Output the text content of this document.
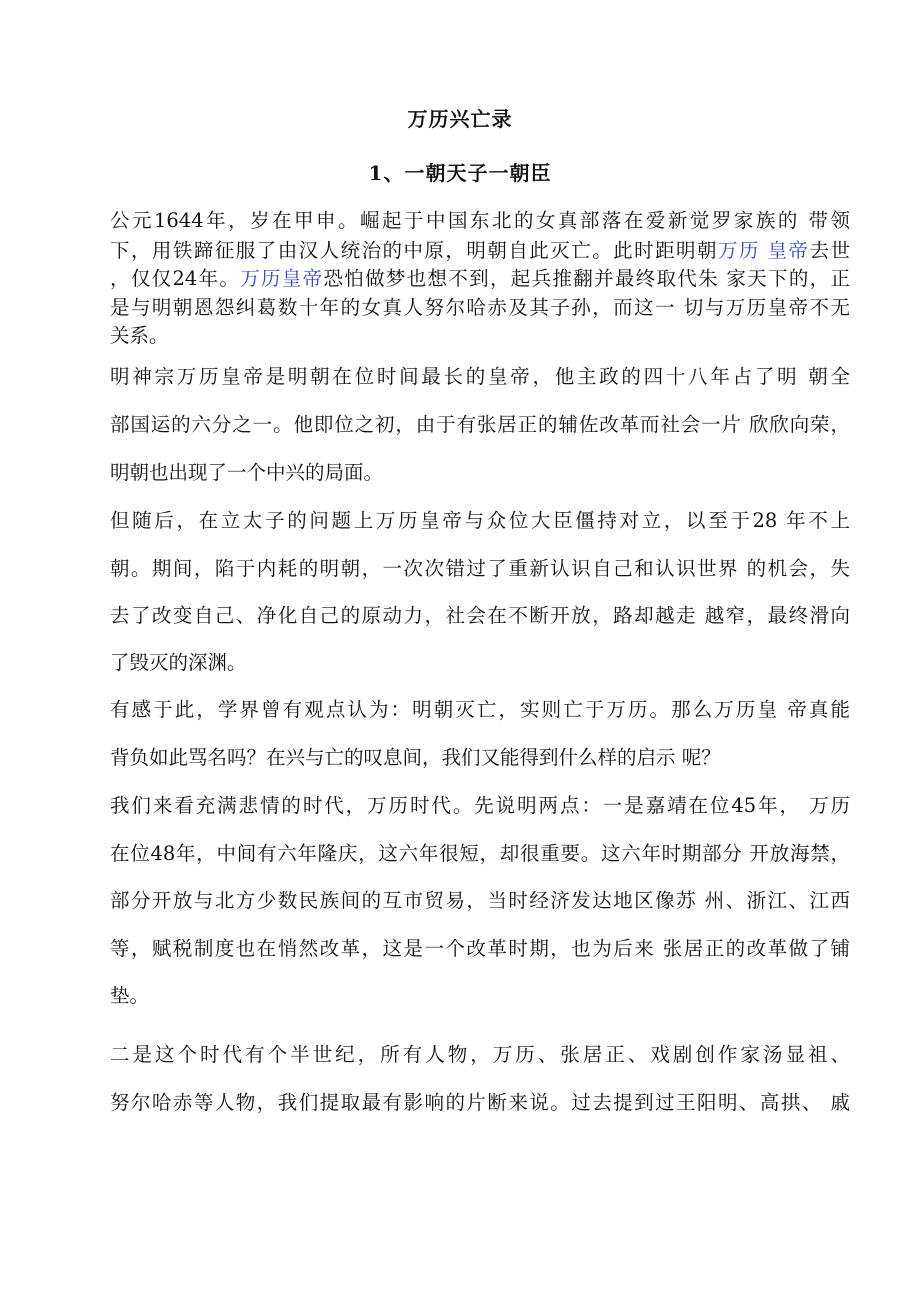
万历兴亡录
1、一朝天子一朝臣
公元1644年，岁在甲申。崛起于中国东北的女真部落在爱新觉罗家族的 带领
下，用铁蹄征服了由汉人统治的中原，明朝自此灭亡。此时距明朝万历 皇帝去世
，仅仅24年。万历皇帝恐怕做梦也想不到，起兵推翻并最终取代朱 家天下的，正
是与明朝恩怨纠葛数十年的女真人努尔哈赤及其子孙，而这一 切与万历皇帝不无
关系。
明神宗万历皇帝是明朝在位时间最长的皇帝，他主政的四十八年占了明 朝全
部国运的六分之一。他即位之初，由于有张居正的辅佐改革而社会一片 欣欣向荣，
明朝也出现了一个中兴的局面。
但随后，在立太子的问题上万历皇帝与众位大臣僵持对立，以至于28 年不上
朝。期间，陷于内耗的明朝，一次次错过了重新认识自己和认识世界 的机会，失
去了改变自己、净化自己的原动力，社会在不断开放，路却越走 越窄，最终滑向
了毁灭的深渊。
有感于此，学界曾有观点认为：明朝灭亡，实则亡于万历。那么万历皇 帝真能
背负如此骂名吗？在兴与亡的叹息间，我们又能得到什么样的启示 呢？
我们来看充满悲情的时代，万历时代。先说明两点：一是嘉靖在位45年， 万历
在位48年，中间有六年隆庆，这六年很短，却很重要。这六年时期部分 开放海禁，
部分开放与北方少数民族间的互市贸易，当时经济发达地区像苏 州、浙江、江西
等，赋税制度也在悄然改革，这是一个改革时期，也为后来 张居正的改革做了铺
垫。
二是这个时代有个半世纪，所有人物，万历、张居正、戏剧创作家汤显祖、
努尔哈赤等人物，我们提取最有影响的片断来说。过去提到过王阳明、高拱、 戚
